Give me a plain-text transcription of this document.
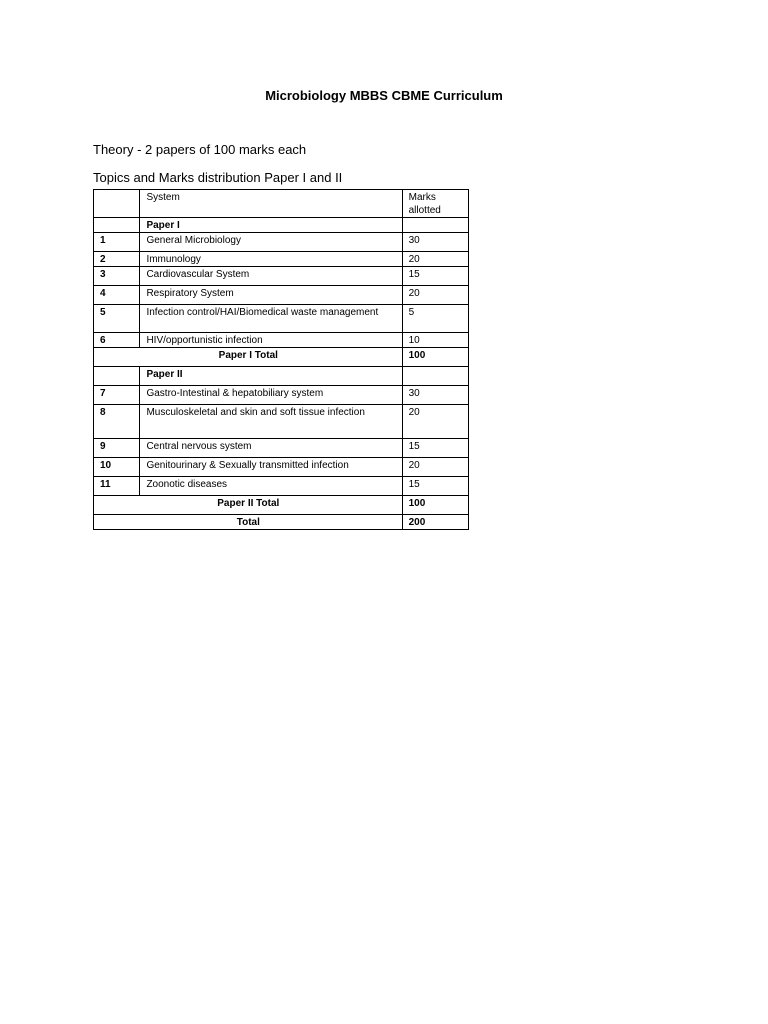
Microbiology MBBS CBME Curriculum

Theory - 2 papers of 100 marks each

Topics and Marks distribution Paper I and II

	System	Marks allotted
	Paper I	
1	General Microbiology	30
2	Immunology	20
3	Cardiovascular System	15
4	Respiratory System	20
5	Infection control/HAI/Biomedical waste management	5
6	HIV/opportunistic infection	10
Paper I Total		100
	Paper II	
7	Gastro-Intestinal & hepatobiliary system	30
8	Musculoskeletal and skin and soft tissue infection	20
9	Central nervous system	15
10	Genitourinary & Sexually transmitted infection	20
11	Zoonotic diseases	15
Paper II Total		100
Total		200
